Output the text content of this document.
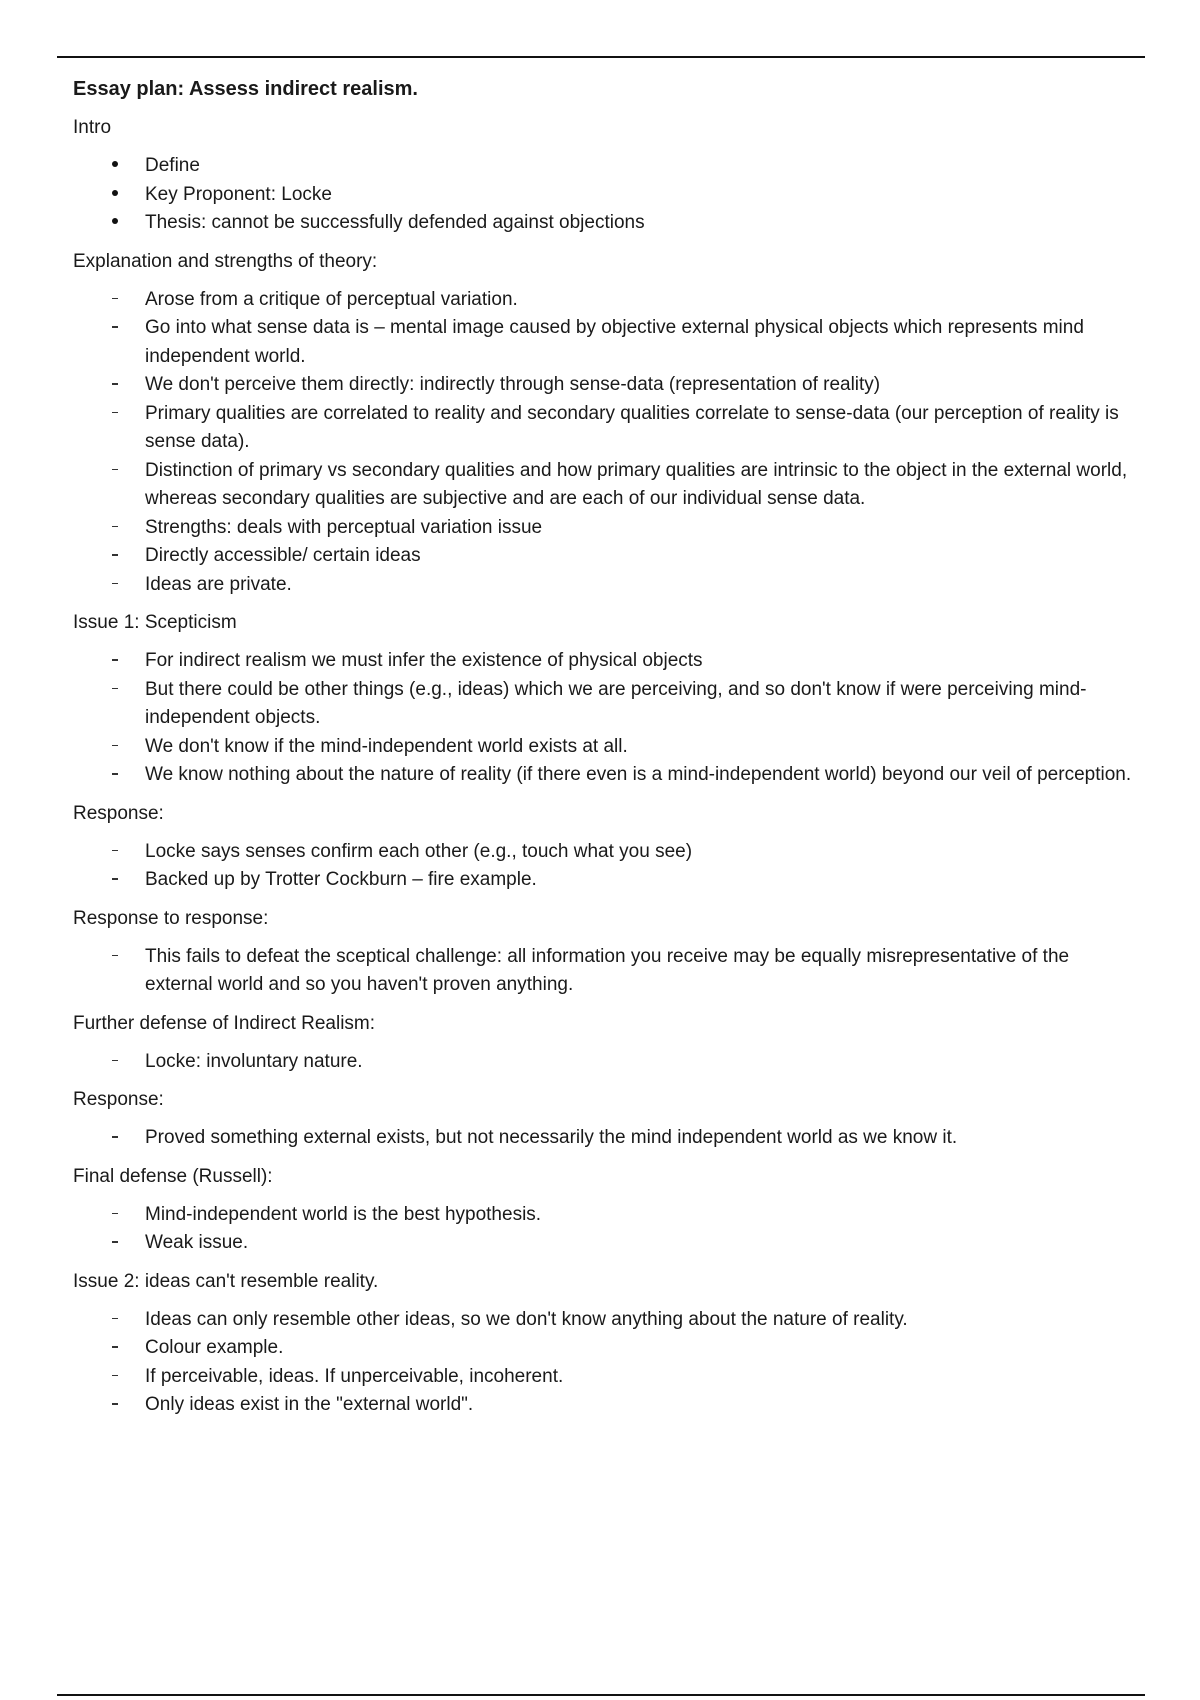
Essay plan: Assess indirect realism.
Intro
Define
Key Proponent: Locke
Thesis: cannot be successfully defended against objections
Explanation and strengths of theory:
Arose from a critique of perceptual variation.
Go into what sense data is – mental image caused by objective external physical objects which represents mind independent world.
We don't perceive them directly: indirectly through sense-data (representation of reality)
Primary qualities are correlated to reality and secondary qualities correlate to sense-data (our perception of reality is sense data).
Distinction of primary vs secondary qualities and how primary qualities are intrinsic to the object in the external world, whereas secondary qualities are subjective and are each of our individual sense data.
Strengths: deals with perceptual variation issue
Directly accessible/ certain ideas
Ideas are private.
Issue 1: Scepticism
For indirect realism we must infer the existence of physical objects
But there could be other things (e.g., ideas) which we are perceiving, and so don't know if were perceiving mind-independent objects.
We don't know if the mind-independent world exists at all.
We know nothing about the nature of reality (if there even is a mind-independent world) beyond our veil of perception.
Response:
Locke says senses confirm each other (e.g., touch what you see)
Backed up by Trotter Cockburn – fire example.
Response to response:
This fails to defeat the sceptical challenge: all information you receive may be equally misrepresentative of the external world and so you haven't proven anything.
Further defense of Indirect Realism:
Locke: involuntary nature.
Response:
Proved something external exists, but not necessarily the mind independent world as we know it.
Final defense (Russell):
Mind-independent world is the best hypothesis.
Weak issue.
Issue 2: ideas can't resemble reality.
Ideas can only resemble other ideas, so we don't know anything about the nature of reality.
Colour example.
If perceivable, ideas. If unperceivable, incoherent.
Only ideas exist in the "external world".
